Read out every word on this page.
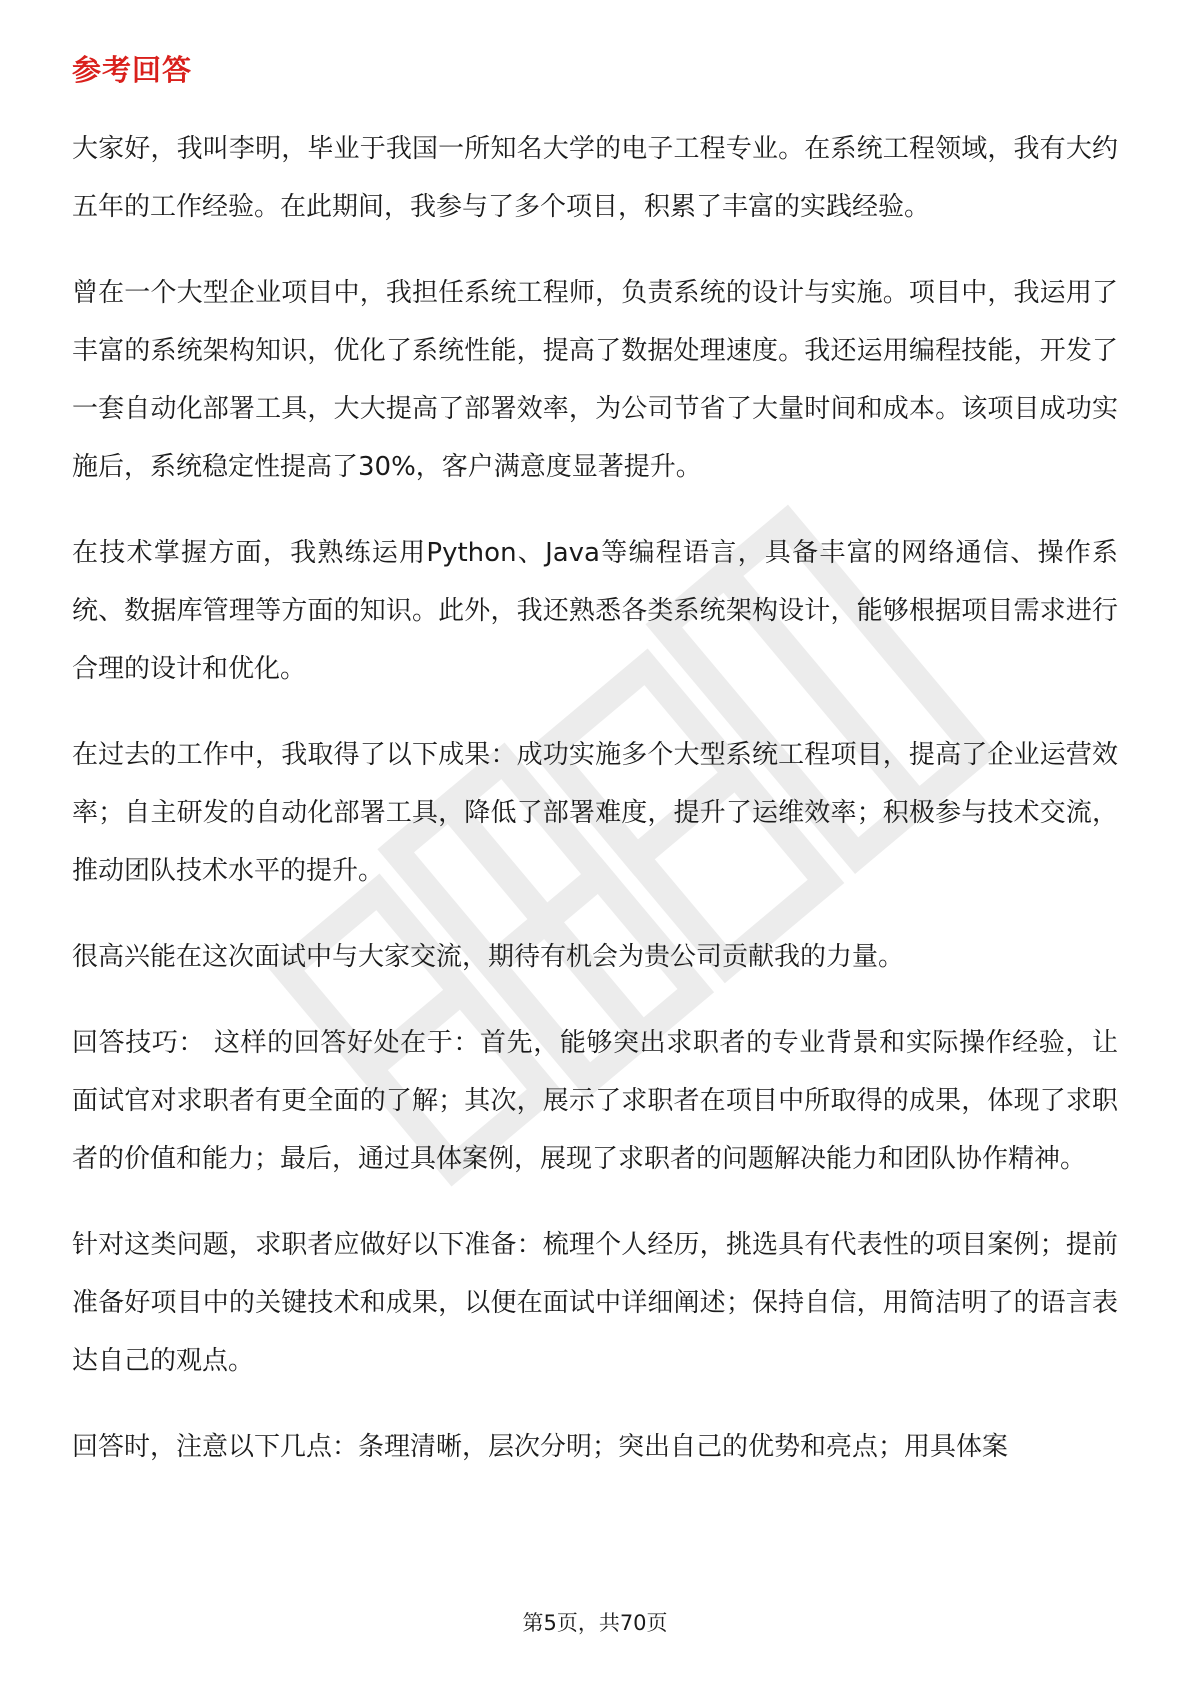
参考回答

大家好，我叫李明，毕业于我国一所知名大学的电子工程专业。在系统工程领域，我有大约五年的工作经验。在此期间，我参与了多个项目，积累了丰富的实践经验。

曾在一个大型企业项目中，我担任系统工程师，负责系统的设计与实施。项目中，我运用了丰富的系统架构知识，优化了系统性能，提高了数据处理速度。我还运用编程技能，开发了一套自动化部署工具，大大提高了部署效率，为公司节省了大量时间和成本。该项目成功实施后，系统稳定性提高了30%，客户满意度显著提升。

在技术掌握方面，我熟练运用Python、Java等编程语言，具备丰富的网络通信、操作系统、数据库管理等方面的知识。此外，我还熟悉各类系统架构设计，能够根据项目需求进行合理的设计和优化。

在过去的工作中，我取得了以下成果：成功实施多个大型系统工程项目，提高了企业运营效率；自主研发的自动化部署工具，降低了部署难度，提升了运维效率；积极参与技术交流，推动团队技术水平的提升。

很高兴能在这次面试中与大家交流，期待有机会为贵公司贡献我的力量。

回答技巧： 这样的回答好处在于：首先，能够突出求职者的专业背景和实际操作经验，让面试官对求职者有更全面的了解；其次，展示了求职者在项目中所取得的成果，体现了求职者的价值和能力；最后，通过具体案例，展现了求职者的问题解决能力和团队协作精神。

针对这类问题，求职者应做好以下准备：梳理个人经历，挑选具有代表性的项目案例；提前准备好项目中的关键技术和成果，以便在面试中详细阐述；保持自信，用简洁明了的语言表达自己的观点。

回答时，注意以下几点：条理清晰，层次分明；突出自己的优势和亮点；用具体案

第5页，共70页
